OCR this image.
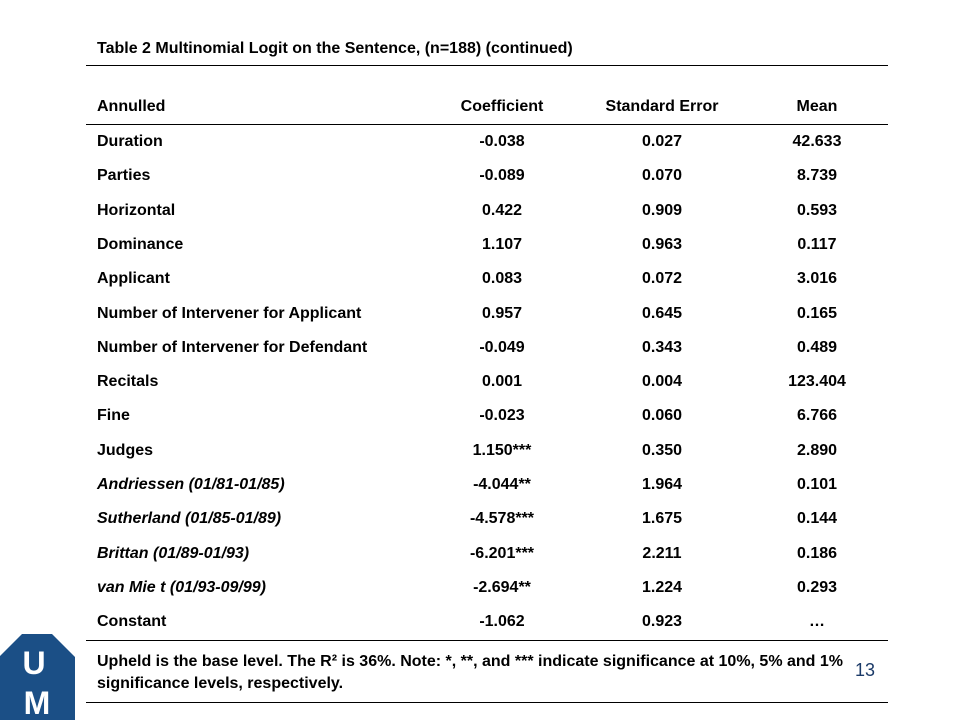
Table 2 Multinomial Logit on the Sentence, (n=188) (continued)
Annulled	Coefficient	Standard Error	Mean
Duration	-0.038	0.027	42.633
Parties	-0.089	0.070	8.739
Horizontal	0.422	0.909	0.593
Dominance	1.107	0.963	0.117
Applicant	0.083	0.072	3.016
Number of Intervener for Applicant	0.957	0.645	0.165
Number of Intervener for Defendant	-0.049	0.343	0.489
Recitals	0.001	0.004	123.404
Fine	-0.023	0.060	6.766
Judges	1.150***	0.350	2.890
Andriessen (01/81-01/85)	-4.044**	1.964	0.101
Sutherland (01/85-01/89)	-4.578***	1.675	0.144
Brittan (01/89-01/93)	-6.201***	2.211	0.186
van Mie t (01/93-09/99)	-2.694**	1.224	0.293
Constant	-1.062	0.923	…
Upheld is the base level. The R² is 36%. Note: *, **, and *** indicate significance at 10%, 5% and 1% significance levels, respectively.
13
U
M
